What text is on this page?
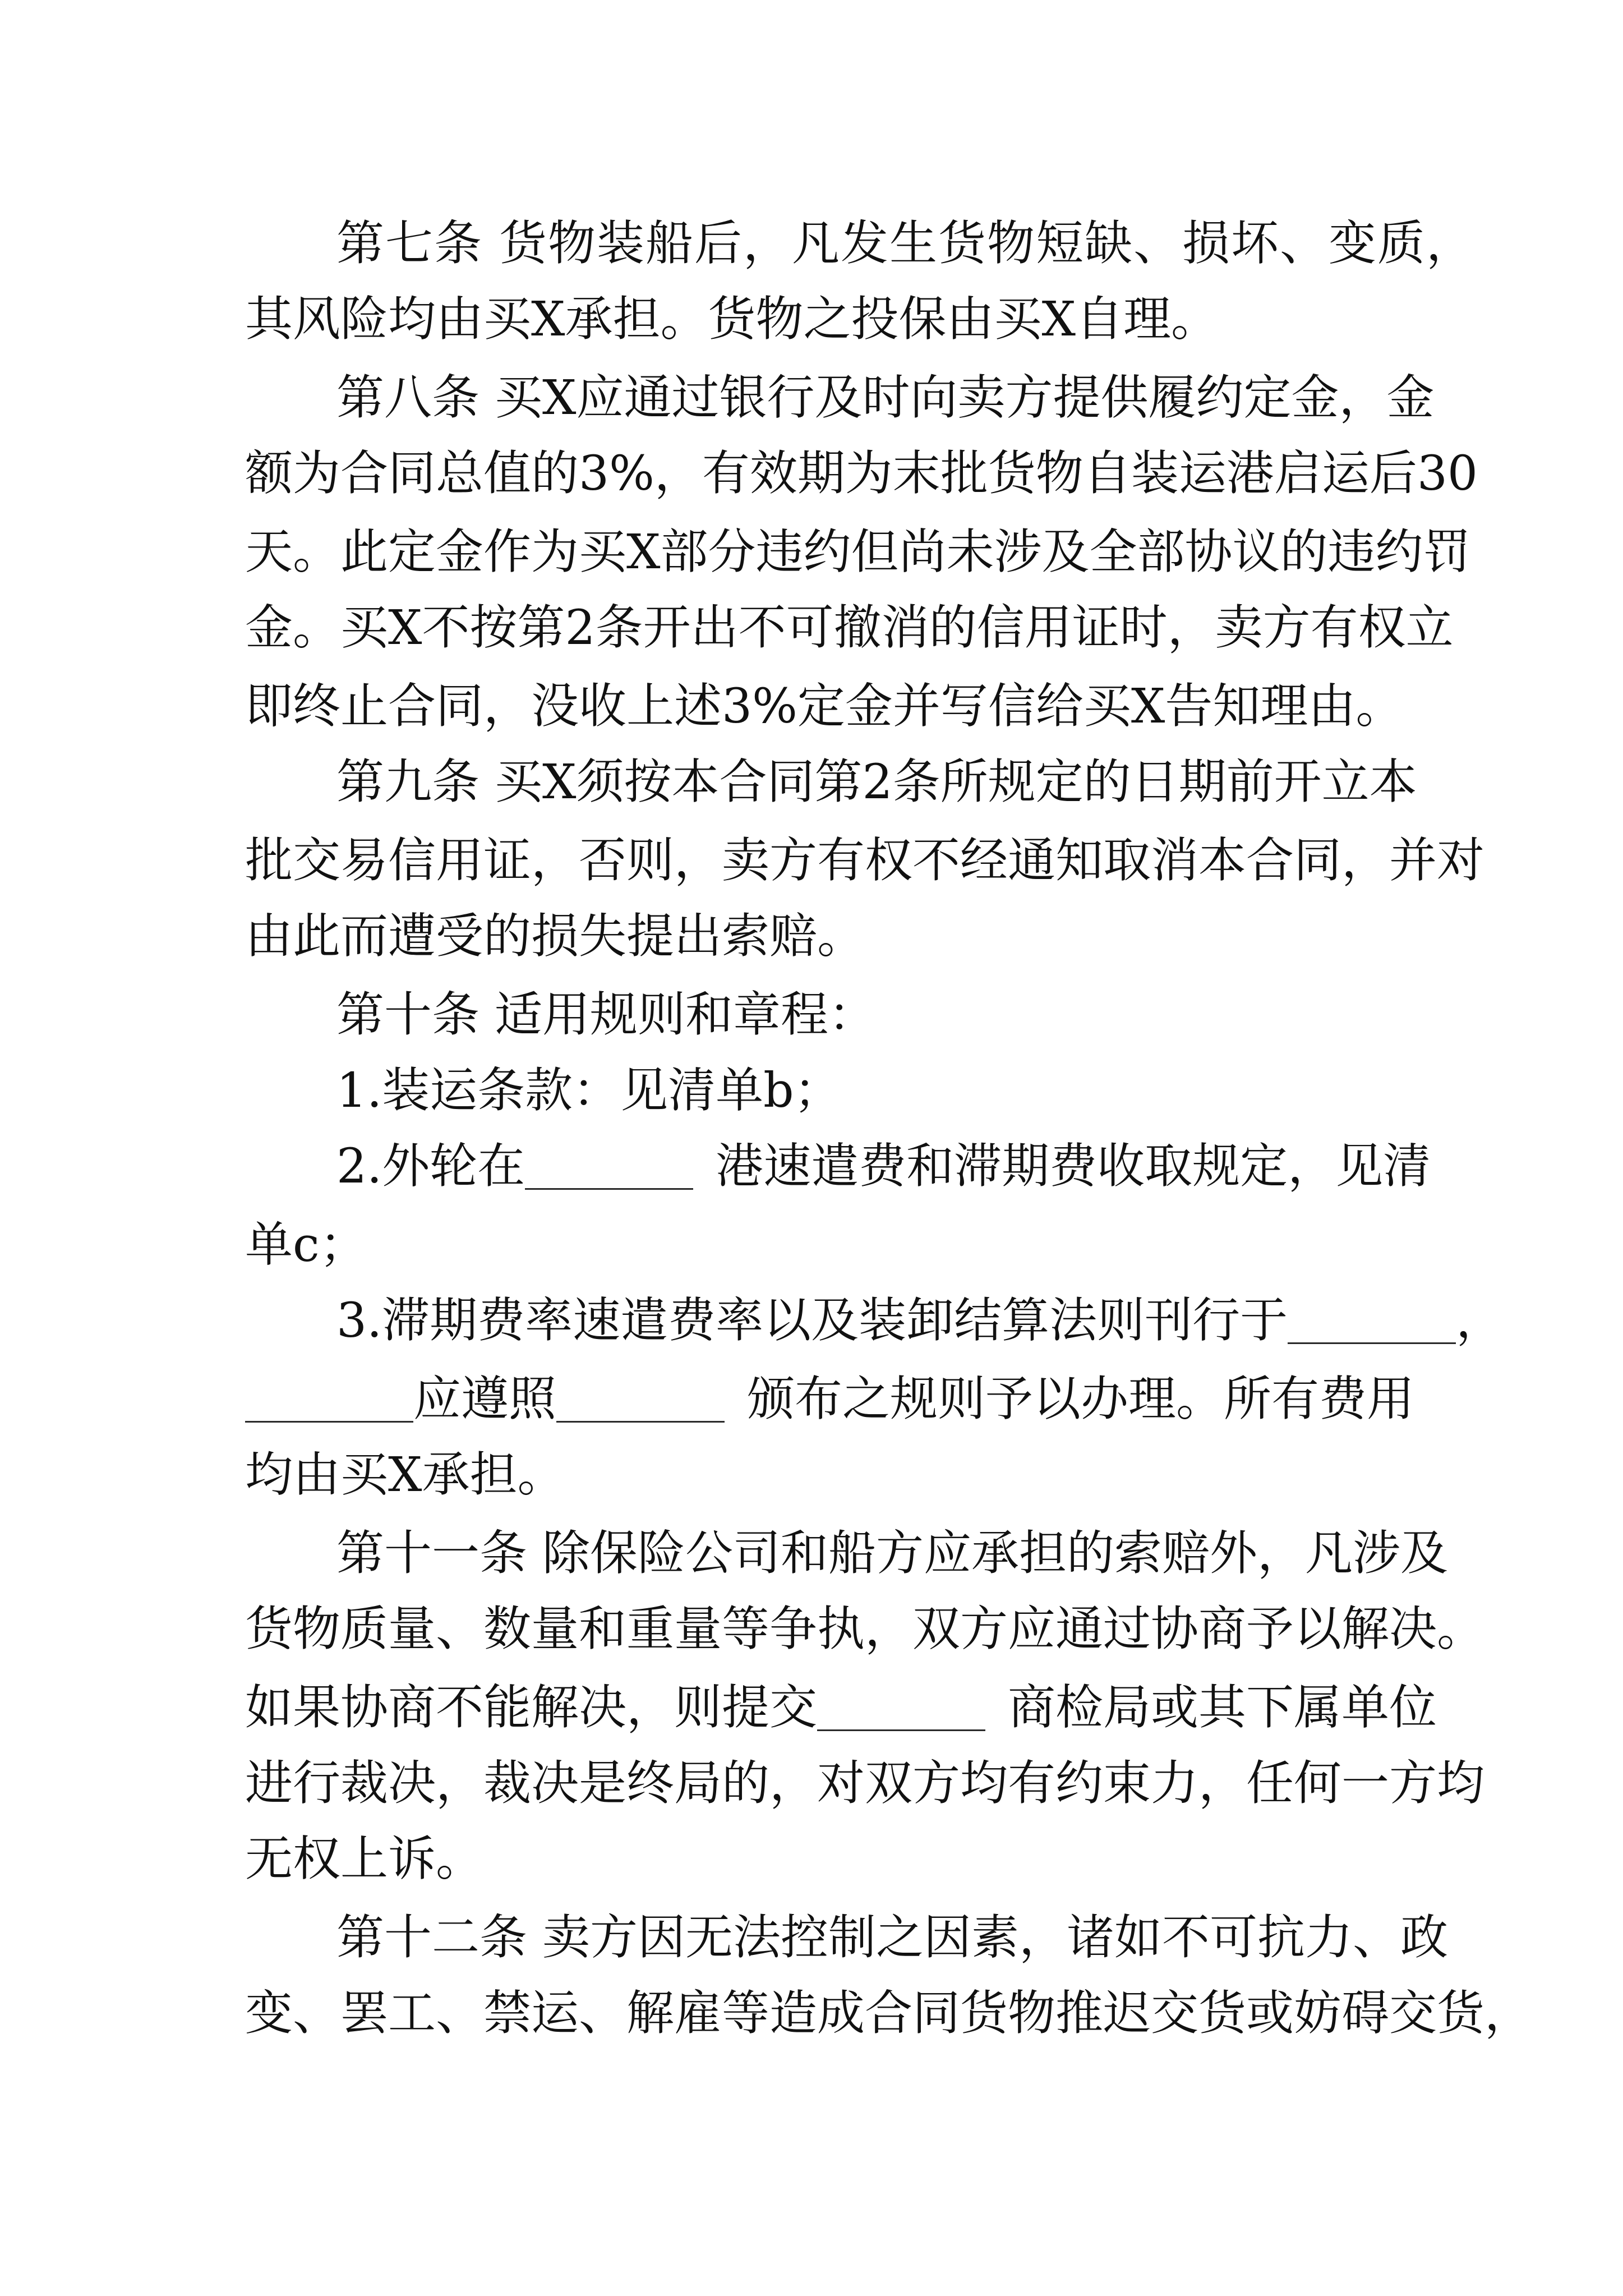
第七条 货物装船后，凡发生货物短缺、损坏、变质，
其风险均由买X承担。货物之投保由买X自理。
第八条 买X应通过银行及时向卖方提供履约定金，金
额为合同总值的3%，有效期为末批货物自装运港启运后30
天。此定金作为买X部分违约但尚未涉及全部协议的违约罚
金。买X不按第2条开出不可撤消的信用证时，卖方有权立
即终止合同，没收上述3%定金并写信给买X告知理由。
第九条 买X须按本合同第2条所规定的日期前开立本
批交易信用证，否则，卖方有权不经通知取消本合同，并对
由此而遭受的损失提出索赔。
第十条 适用规则和章程：
1.装运条款：见清单b；
2.外轮在	港速遣费和滞期费收取规定，见清
单c；
3.滞期费率速遣费率以及装卸结算法则刊行于	，
应遵照	颁布之规则予以办理。所有费用
均由买X承担。
第十一条 除保险公司和船方应承担的索赔外，凡涉及
货物质量、数量和重量等争执，双方应通过协商予以解决。
如果协商不能解决，则提交	商检局或其下属单位
进行裁决，裁决是终局的，对双方均有约束力，任何一方均
无权上诉。
第十二条 卖方因无法控制之因素，诸如不可抗力、政
变、罢工、禁运、解雇等造成合同货物推迟交货或妨碍交货，
